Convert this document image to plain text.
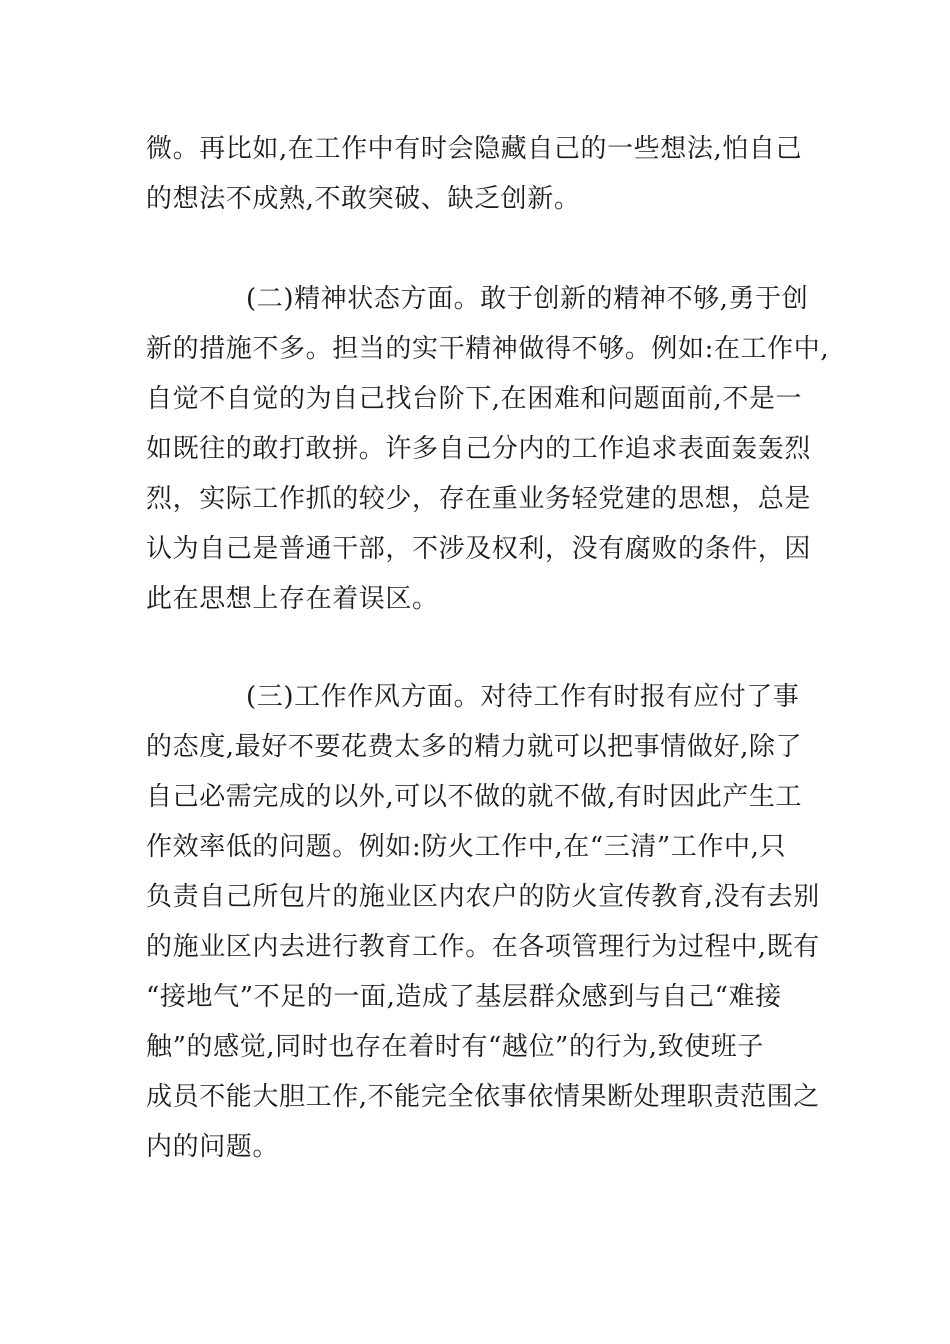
微。再比如,在工作中有时会隐藏自己的一些想法,怕自己
的想法不成熟,不敢突破、缺乏创新。
(二)精神状态方面。敢于创新的精神不够,勇于创
新的措施不多。担当的实干精神做得不够。例如:在工作中,
自觉不自觉的为自己找台阶下,在困难和问题面前,不是一
如既往的敢打敢拼。许多自己分内的工作追求表面轰轰烈
烈，实际工作抓的较少，存在重业务轻党建的思想，总是
认为自己是普通干部，不涉及权利，没有腐败的条件，因
此在思想上存在着误区。
(三)工作作风方面。对待工作有时报有应付了事
的态度,最好不要花费太多的精力就可以把事情做好,除了
自己必需完成的以外,可以不做的就不做,有时因此产生工
作效率低的问题。例如:防火工作中,在“三清”工作中,只
负责自己所包片的施业区内农户的防火宣传教育,没有去别
的施业区内去进行教育工作。在各项管理行为过程中,既有
“接地气”不足的一面,造成了基层群众感到与自己“难接
触”的感觉,同时也存在着时有“越位”的行为,致使班子
成员不能大胆工作,不能完全依事依情果断处理职责范围之
内的问题。
